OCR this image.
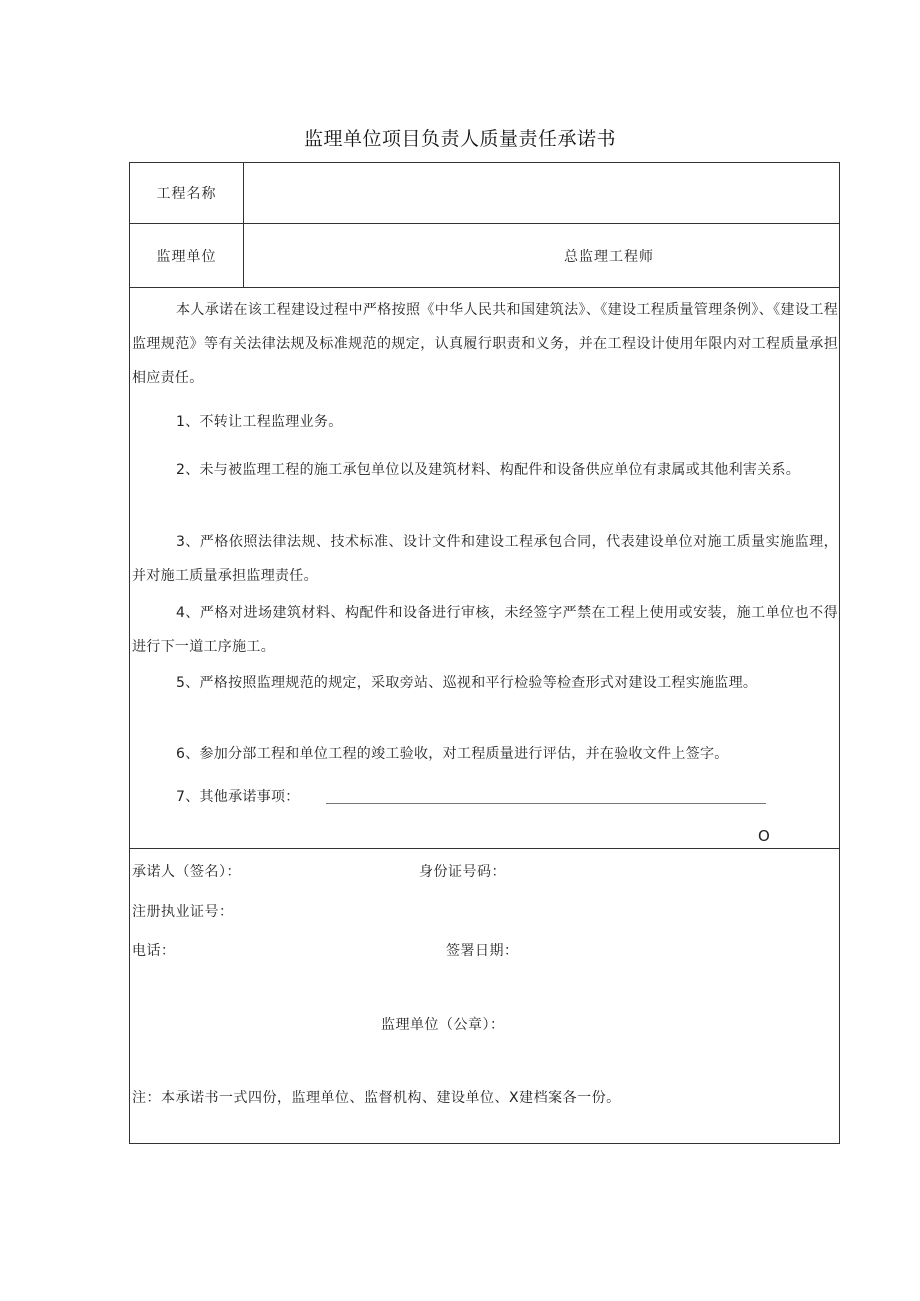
监理单位项目负责人质量责任承诺书
工程名称
监理单位	总监理工程师

本人承诺在该工程建设过程中严格按照《中华人民共和国建筑法》、《建设工程质量管理条例》、《建设工程监理规范》等有关法律法规及标准规范的规定，认真履行职责和义务，并在工程设计使用年限内对工程质量承担相应责任。

1、不转让工程监理业务。

2、未与被监理工程的施工承包单位以及建筑材料、构配件和设备供应单位有隶属或其他利害关系。

3、严格依照法律法规、技术标准、设计文件和建设工程承包合同，代表建设单位对施工质量实施监理，并对施工质量承担监理责任。

4、严格对进场建筑材料、构配件和设备进行审核，未经签字严禁在工程上使用或安装，施工单位也不得进行下一道工序施工。

5、严格按照监理规范的规定，采取旁站、巡视和平行检验等检查形式对建设工程实施监理。

6、参加分部工程和单位工程的竣工验收，对工程质量进行评估，并在验收文件上签字。

7、其他承诺事项：
O
承诺人（签名）：	身份证号码：
注册执业证号：
电话：	签署日期：
监理单位（公章）：
注：本承诺书一式四份，监理单位、监督机构、建设单位、X建档案各一份。
